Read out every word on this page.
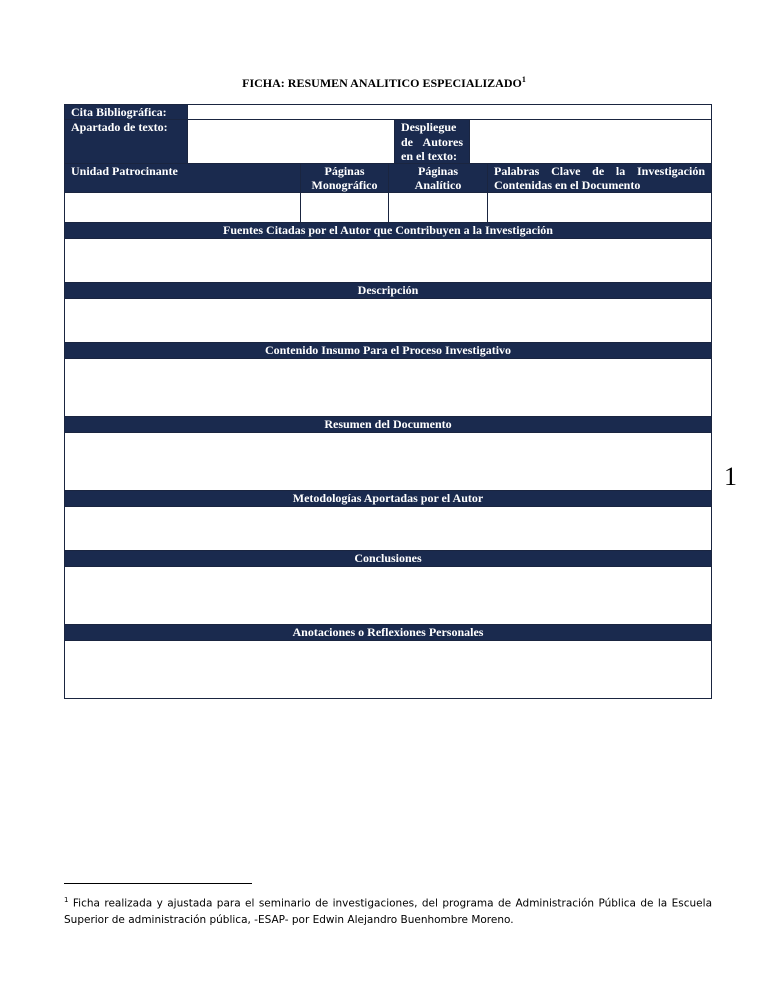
FICHA: RESUMEN ANALITICO ESPECIALIZADO$^1$
Cita Bibliográfica:
Apartado de texto:	Despliegue de Autores en el texto:
Unidad Patrocinante	Páginas Monográfico
Páginas Analítico
Palabras Clave de la Investigación Contenidas en el Documento
Fuentes Citadas por el Autor que Contribuyen a la Investigación
Descripción
Contenido Insumo Para el Proceso Investigativo
Resumen del Documento
Metodologías Aportadas por el Autor
Conclusiones
Anotaciones o Reflexiones Personales
1
$^1$ Ficha realizada y ajustada para el seminario de investigaciones, del programa de Administración Pública de la Escuela Superior de administración pública, -ESAP- por Edwin Alejandro Buenhombre Moreno.
